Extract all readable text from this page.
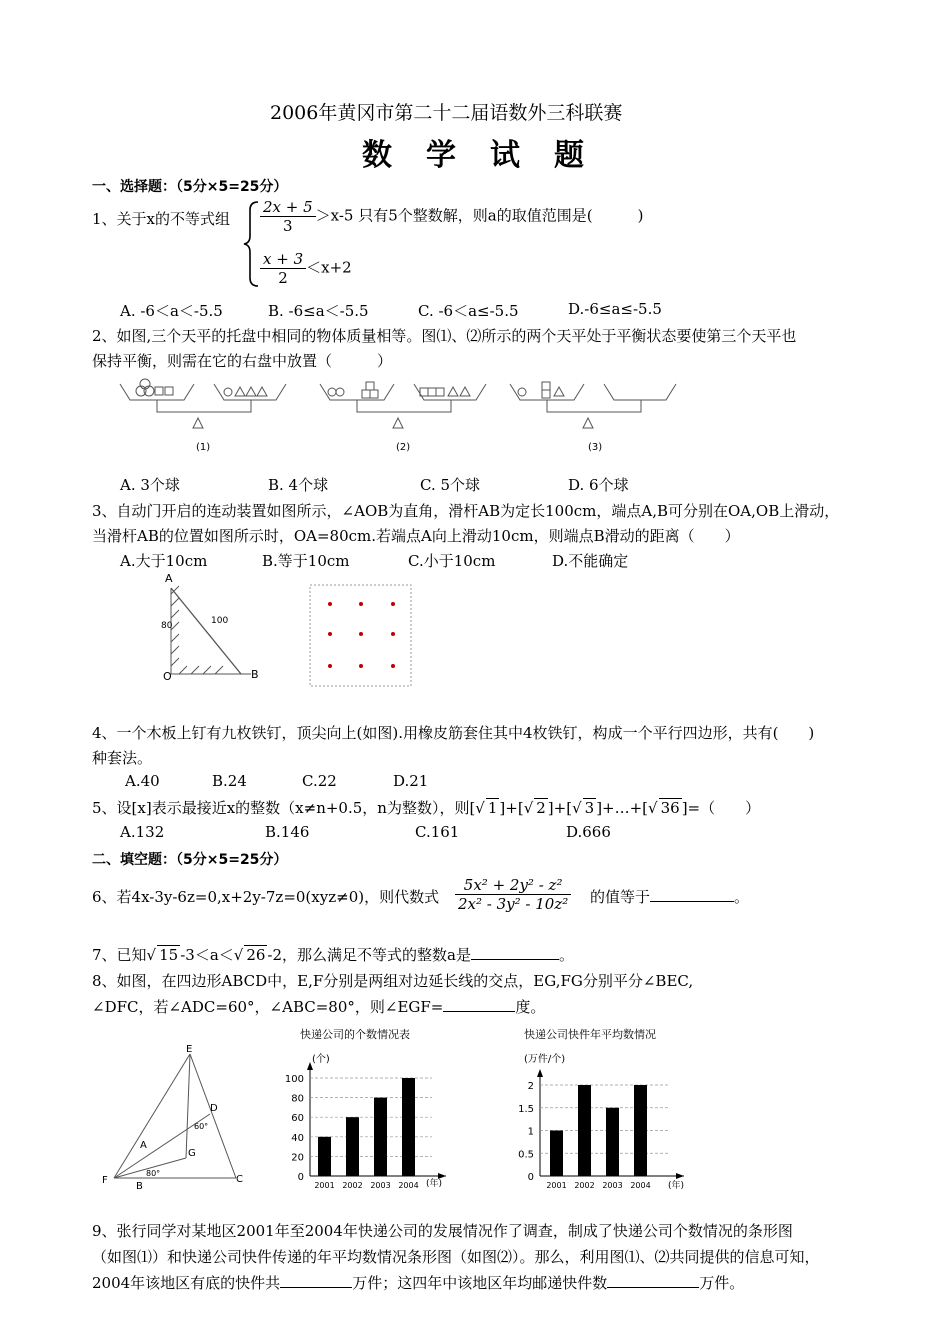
2006年黄冈市第二十二届语数外三科联赛
数学试题
一、选择题：（5分×5=25分）
1、关于x的不等式组 $\frac{2x + 5}{3} >x-5$ 只有5个整数解，则a的取值范围是(　　　)
$\frac{x + 3}{2} <x+2$
A. -6＜a＜-5.5	B. -6≤a＜-5.5	C. -6＜a≤-5.5	D.-6≤a≤-5.5
2、如图,三个天平的托盘中相同的物体质量相等。图⑴、⑵所示的两个天平处于平衡状态要使第三个天平也
保持平衡，则需在它的右盘中放置（　　　）
(1)	(2)	(3)
A. 3个球	B. 4个球	C. 5个球	D. 6个球
3、自动门开启的连动装置如图所示，∠AOB为直角，滑杆AB为定长100cm，端点A,B可分别在OA,OB上滑动，
当滑杆AB的位置如图所示时，OA=80cm.若端点A向上滑动10cm，则端点B滑动的距离（　　）
A.大于10cm	B.等于10cm	C.小于10cm	D.不能确定
A
80	100
O	B
4、一个木板上钉有九枚铁钉，顶尖向上(如图).用橡皮筋套住其中4枚铁钉，构成一个平行四边形，共有(　　)
种套法。
A.40	B.24	C.22	D.21
5、设[x]表示最接近x的整数（x≠n+0.5，n为整数），则[√ 1 ]+[√ 2 ]+[√ 3 ]+…+[√ 36 ]=（　　）
A.132	B.146	C.161	D.666
二、填空题：（5分×5=25分）
6、若4x-3y-6z=0,x+2y-7z=0(xyz≠0)，则代数式 $\frac{\text{5x² + 2y² - z²}}{\text{2x² - 3y² - 10z²}}$ 的值等于	。
7、已知√ 15 -3＜a＜√ 26 -2，那么满足不等式的整数a是	。
8、如图，在四边形ABCD中，E,F分别是两组对边延长线的交点，EG,FG分别平分∠BEC,
∠DFC，若∠ADC=60°，∠ABC=80°，则∠EGF=	度。
E
D
60°
A
G
80°
F
B
C
快递公司的个数情况表
(个)
0
20
40
60
80
100
2001 2002 2003 2004 (年)
快递公司快件年平均数情况
(万件/个)
0
0.5
1
1.5
2
2001 2002 2003 2004 (年)
9、张行同学对某地区2001年至2004年快递公司的发展情况作了调查，制成了快递公司个数情况的条形图
（如图⑴）和快递公司快件传递的年平均数情况条形图（如图⑵）。那么，利用图⑴、⑵共同提供的信息可知，
2004年该地区有底的快件共	万件；这四年中该地区年均邮递快件数	万件。
